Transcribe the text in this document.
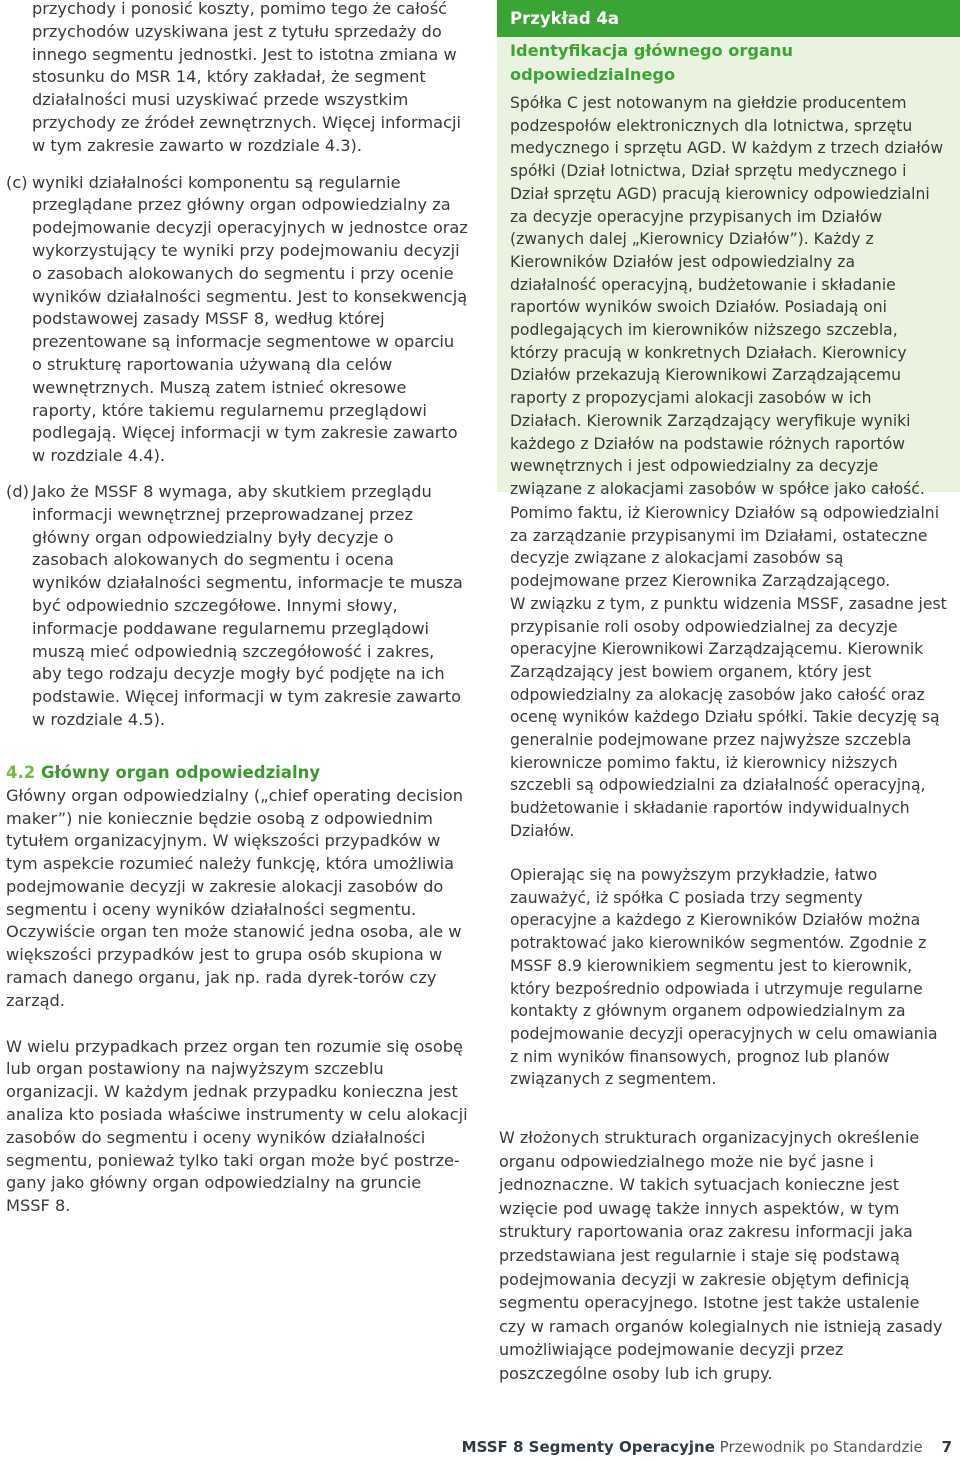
przychody i ponosić koszty, pomimo tego że całość przychodów uzyskiwana jest z tytułu sprzedaży do innego segmentu jednostki. Jest to istotna zmiana w stosunku do MSR 14, który zakładał, że segment działalności musi uzyskiwać przede wszystkim przychody ze źródeł zewnętrznych. Więcej informacji w tym zakresie zawarto w rozdziale 4.3).

(c) wyniki działalności komponentu są regularnie przeglądane przez główny organ odpowiedzialny za podejmowanie decyzji operacyjnych w jednostce oraz wykorzystujący te wyniki przy podejmowaniu decyzji o zasobach alokowanych do segmentu i przy ocenie wyników działalności segmentu. Jest to konsekwencją podstawowej zasady MSSF 8, według której prezentowane są informacje segmentowe w oparciu o strukturę raportowania używaną dla celów wewnętrznych. Muszą zatem istnieć okresowe raporty, które takiemu regularnemu przeglądowi podlegają. Więcej informacji w tym zakresie zawarto w rozdziale 4.4).

(d) Jako że MSSF 8 wymaga, aby skutkiem przeglądu informacji wewnętrznej przeprowadzanej przez główny organ odpowiedzialny były decyzje o zasobach alokowanych do segmentu i ocena wyników działalności segmentu, informacje te musza być odpowiednio szczegółowe. Innymi słowy, informacje poddawane regularnemu przeglądowi muszą mieć odpowiednią szczegółowość i zakres, aby tego rodzaju decyzje mogły być podjęte na ich podstawie. Więcej informacji w tym zakresie zawarto w rozdziale 4.5).

4.2 Główny organ odpowiedzialny

Główny organ odpowiedzialny („chief operating decision maker”) nie koniecznie będzie osobą z odpowiednim tytułem organizacyjnym. W większości przypadków w tym aspekcie rozumieć należy funkcję, która umożliwia podejmowanie decyzji w zakresie alokacji zasobów do segmentu i oceny wyników działalności segmentu. Oczywiście organ ten może stanowić jedna osoba, ale w większości przypadków jest to grupa osób skupiona w ramach danego organu, jak np. rada dyrek-torów czy zarząd.

W wielu przypadkach przez organ ten rozumie się osobę lub organ postawiony na najwyższym szczeblu organizacji. W każdym jednak przypadku konieczna jest analiza kto posiada właściwe instrumenty w celu alokacji zasobów do segmentu i oceny wyników działalności segmentu, ponieważ tylko taki organ może być postrze-gany jako główny organ odpowiedzialny na gruncie MSSF 8.

Przykład 4a
Identyfikacja głównego organu odpowiedzialnego

Spółka C jest notowanym na giełdzie producentem podzespołów elektronicznych dla lotnictwa, sprzętu medycznego i sprzętu AGD. W każdym z trzech działów spółki (Dział lotnictwa, Dział sprzętu medycznego i Dział sprzętu AGD) pracują kierownicy odpowiedzialni za decyzje operacyjne przypisanych im Działów (zwanych dalej „Kierownicy Działów”). Każdy z Kierowników Działów jest odpowiedzialny za działalność operacyjną, budżetowanie i składanie raportów wyników swoich Działów. Posiadają oni podlegających im kierowników niższego szczebla, którzy pracują w konkretnych Działach. Kierownicy Działów przekazują Kierownikowi Zarządzającemu raporty z propozycjami alokacji zasobów w ich Działach. Kierownik Zarządzający weryfikuje wyniki każdego z Działów na podstawie różnych raportów wewnętrznych i jest odpowiedzialny za decyzje związane z alokacjami zasobów w spółce jako całość.

Pomimo faktu, iż Kierownicy Działów są odpowiedzialni za zarządzanie przypisanymi im Działami, ostateczne decyzje związane z alokacjami zasobów są podejmowane przez Kierownika Zarządzającego.

W związku z tym, z punktu widzenia MSSF, zasadne jest przypisanie roli osoby odpowiedzialnej za decyzje operacyjne Kierownikowi Zarządzającemu. Kierownik Zarządzający jest bowiem organem, który jest odpowiedzialny za alokację zasobów jako całość oraz ocenę wyników każdego Działu spółki. Takie decyzję są generalnie podejmowane przez najwyższe szczebla kierownicze pomimo faktu, iż kierownicy niższych szczebli są odpowiedzialni za działalność operacyjną, budżetowanie i składanie raportów indywidualnych Działów.

Opierając się na powyższym przykładzie, łatwo zauważyć, iż spółka C posiada trzy segmenty operacyjne a każdego z Kierowników Działów można potraktować jako kierowników segmentów. Zgodnie z MSSF 8.9 kierownikiem segmentu jest to kierownik, który bezpośrednio odpowiada i utrzymuje regularne kontakty z głównym organem odpowiedzialnym za podejmowanie decyzji operacyjnych w celu omawiania z nim wyników finansowych, prognoz lub planów związanych z segmentem.

W złożonych strukturach organizacyjnych określenie organu odpowiedzialnego może nie być jasne i jednoznaczne. W takich sytuacjach konieczne jest wzięcie pod uwagę także innych aspektów, w tym struktury raportowania oraz zakresu informacji jaka przedstawiana jest regularnie i staje się podstawą podejmowania decyzji w zakresie objętym definicją segmentu operacyjnego. Istotne jest także ustalenie czy w ramach organów kolegialnych nie istnieją zasady umożliwiające podejmowanie decyzji przez poszczególne osoby lub ich grupy.

MSSF 8 Segmenty Operacyjne Przewodnik po Standardzie 7
